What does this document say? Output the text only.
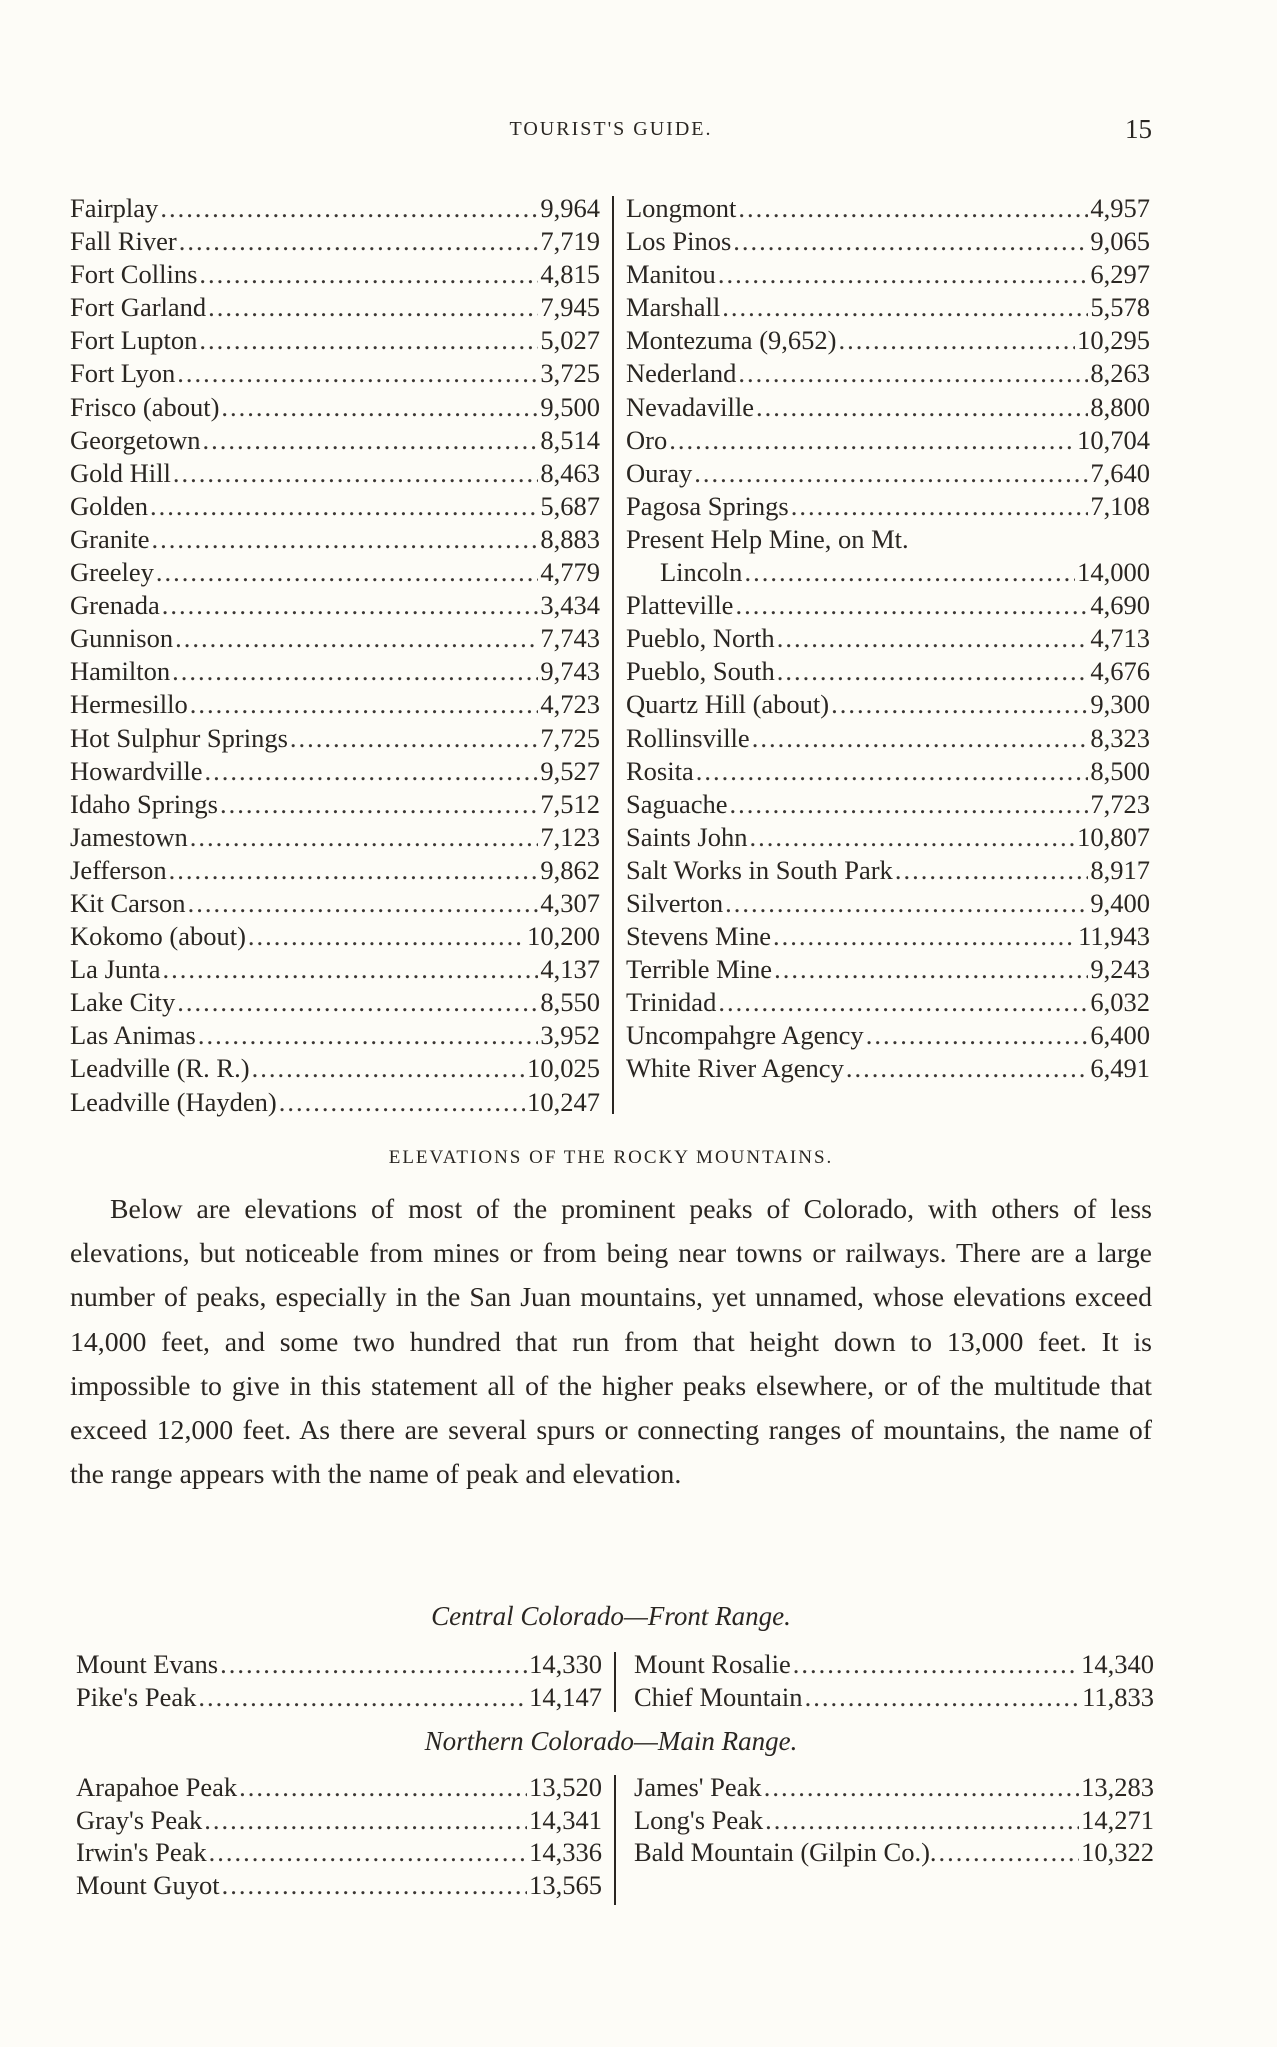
TOURIST'S GUIDE.	15
Fairplay .....	9,964
Fall River .....	7,719
Fort Collins .....	4,815
Fort Garland .....	7,945
Fort Lupton .....	5,027
Fort Lyon .....	3,725
Frisco (about) .....	9,500
Georgetown .....	8,514
Gold Hill .....	8,463
Golden .....	5,687
Granite .....	8,883
Greeley .....	4,779
Grenada .....	3,434
Gunnison .....	7,743
Hamilton .....	9,743
Hermesillo .....	4,723
Hot Sulphur Springs .....	7,725
Howardville .....	9,527
Idaho Springs .....	7,512
Jamestown .....	7,123
Jefferson .....	9,862
Kit Carson .....	4,307
Kokomo (about) .....	10,200
La Junta .....	4,137
Lake City .....	8,550
Las Animas .....	3,952
Leadville (R. R.) .....	10,025
Leadville (Hayden) .....	10,247
Longmont .....	4,957
Los Pinos .....	9,065
Manitou .....	6,297
Marshall .....	5,578
Montezuma (9,652) .....	10,295
Nederland .....	8,263
Nevadaville .....	8,800
Oro .....	10,704
Ouray .....	7,640
Pagosa Springs .....	7,108
Present Help Mine, on Mt.
Lincoln .....	14,000
Platteville .....	4,690
Pueblo, North .....	4,713
Pueblo, South .....	4,676
Quartz Hill (about) .....	9,300
Rollinsville .....	8,323
Rosita .....	8,500
Saguache .....	7,723
Saints John .....	10,807
Salt Works in South Park .....	8,917
Silverton .....	9,400
Stevens Mine .....	11,943
Terrible Mine .....	9,243
Trinidad .....	6,032
Uncompahgre Agency .....	6,400
White River Agency .....	6,491
ELEVATIONS OF THE ROCKY MOUNTAINS.

Below are elevations of most of the prominent peaks of Colorado, with others of less elevations, but noticeable from mines or from being near towns or railways. There are a large number of peaks, especially in the San Juan mountains, yet unnamed, whose elevations exceed 14,000 feet, and some two hundred that run from that height down to 13,000 feet. It is impossible to give in this statement all of the higher peaks elsewhere, or of the multitude that exceed 12,000 feet. As there are several spurs or connecting ranges of mountains, the name of the range appears with the name of peak and elevation.

Central Colorado—Front Range.
Mount Evans .....	14,330
Pike's Peak .....	14,147
Mount Rosalie .....	14,340
Chief Mountain .....	11,833
Northern Colorado—Main Range.
Arapahoe Peak .....	13,520
Gray's Peak .....	14,341
Irwin's Peak .....	14,336
Mount Guyot .....	13,565
James' Peak .....	13,283
Long's Peak .....	14,271
Bald Mountain (Gilpin Co.). .....	10,322
